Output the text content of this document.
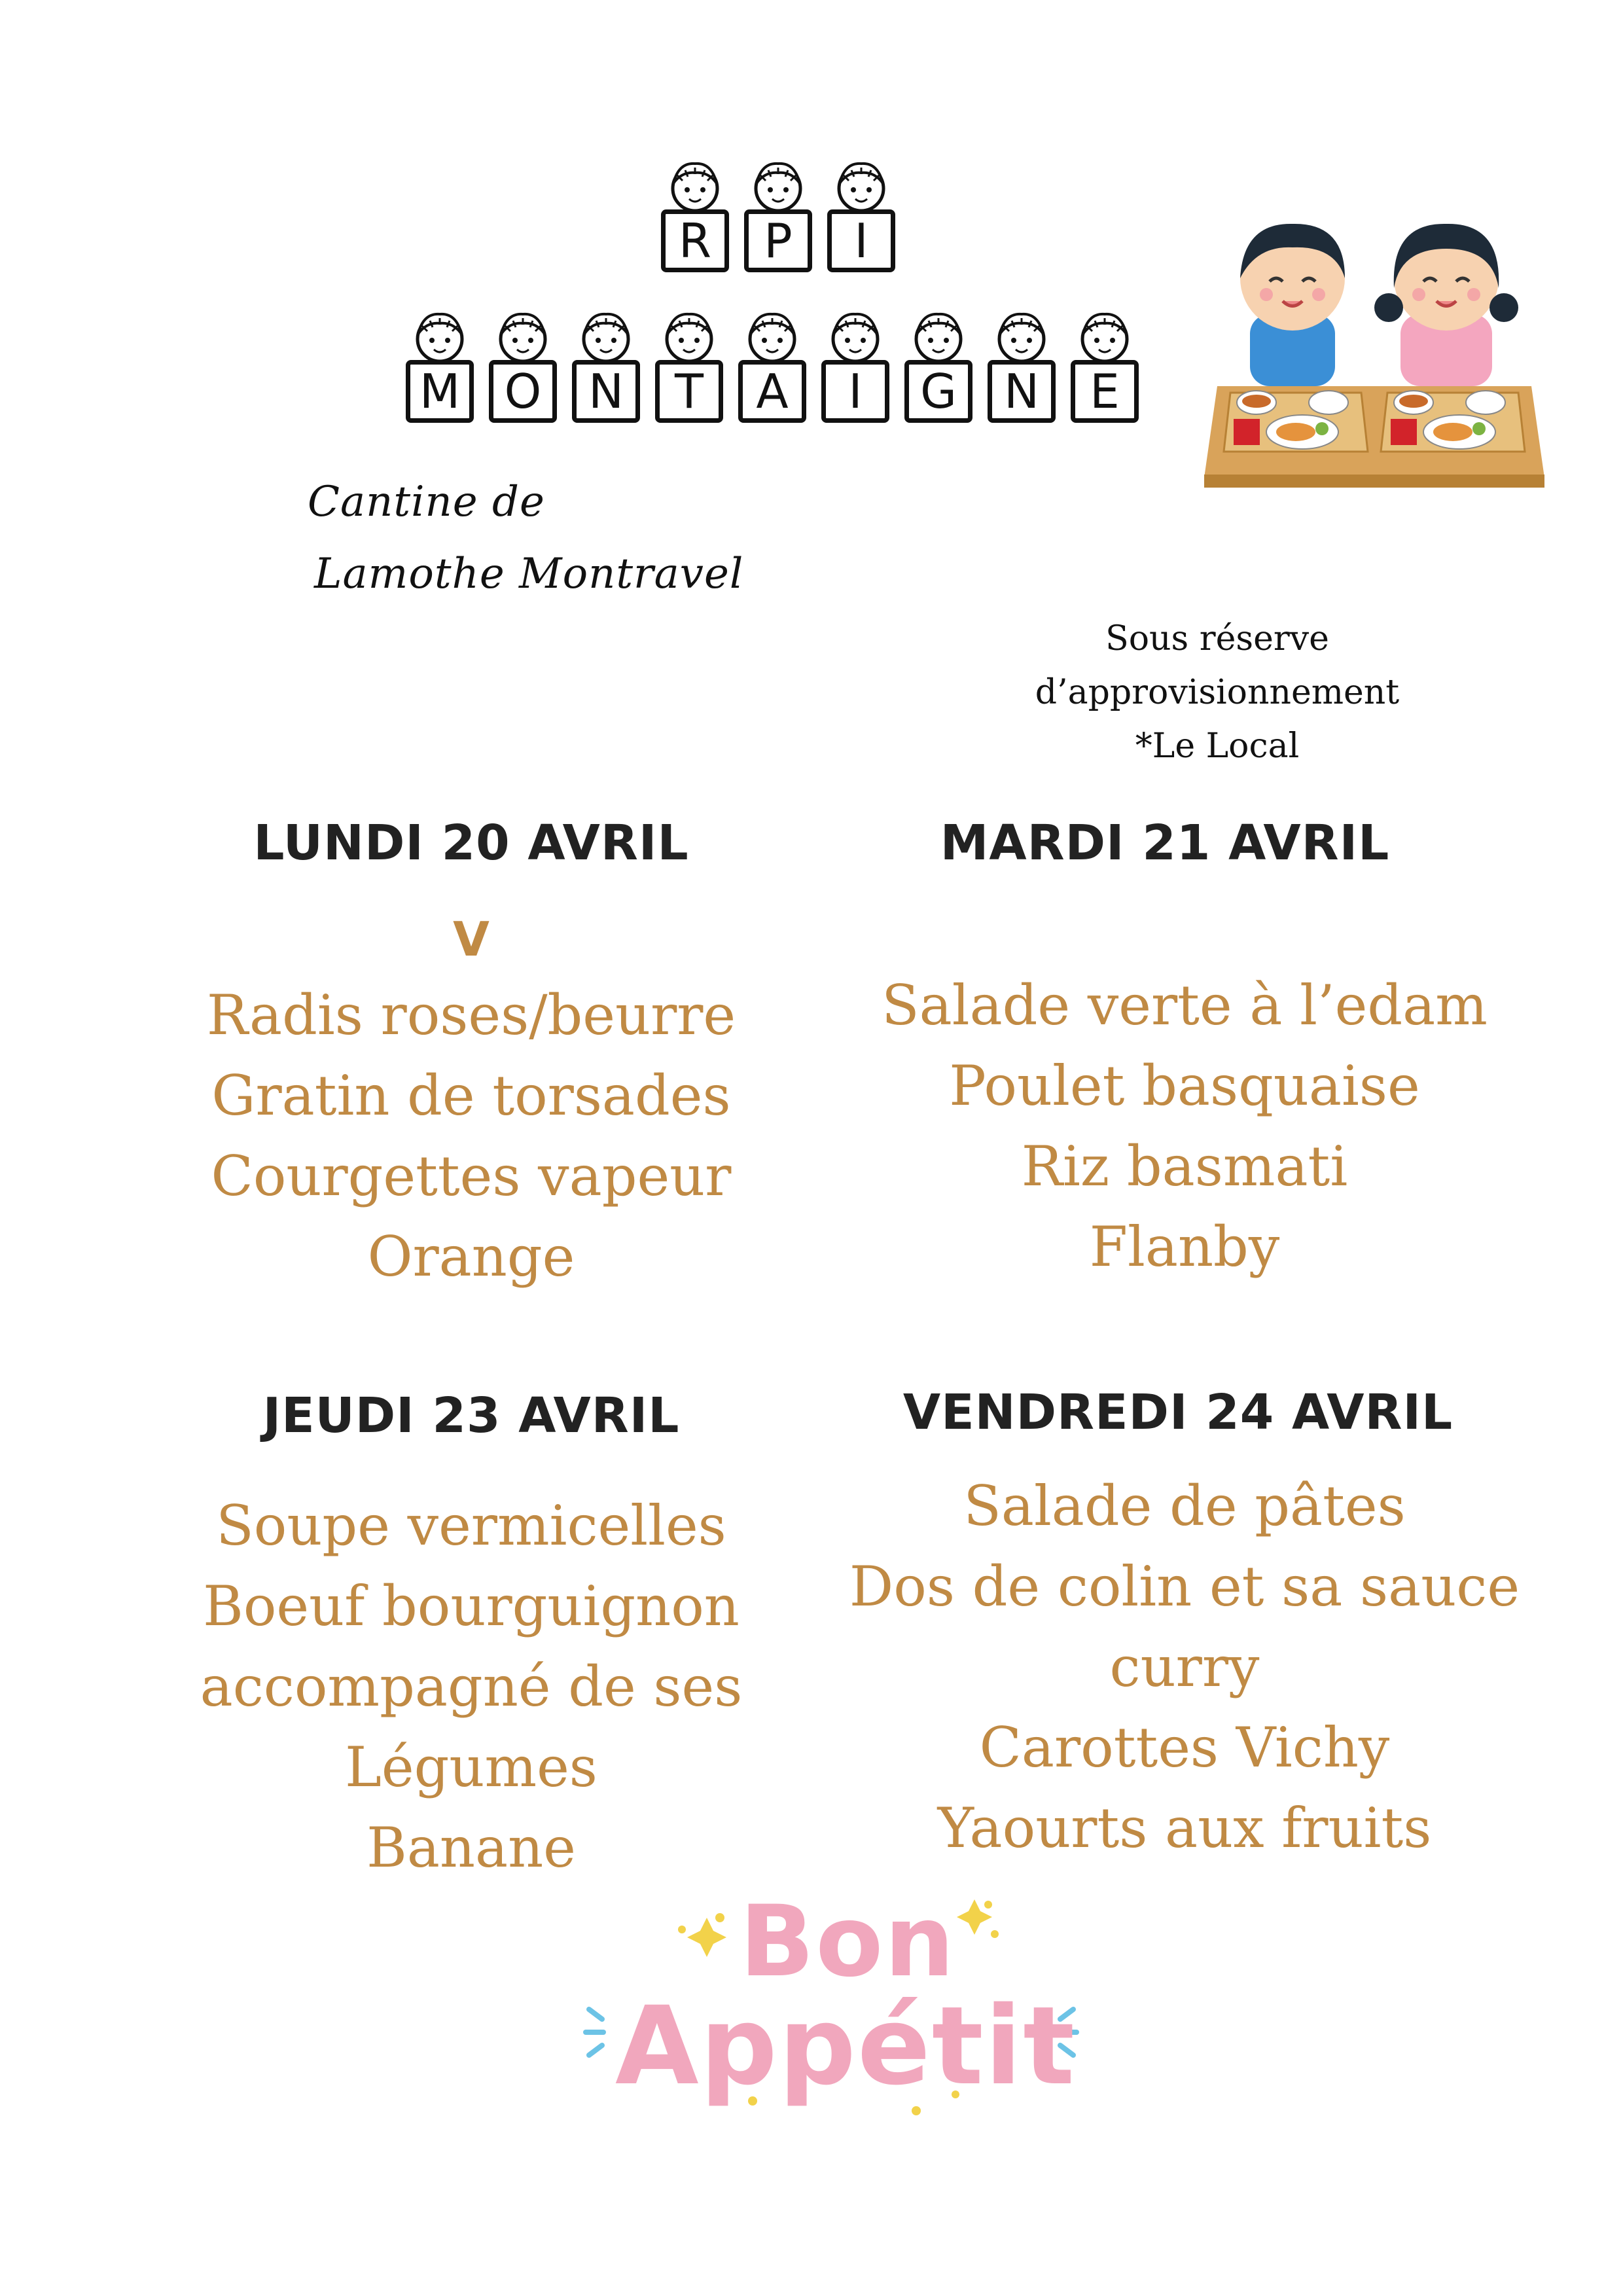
R	P	I
M O N	T	A	I	G	N	E
Cantine de
Lamothe Montravel
Sous réserve
d’approvisionnement
*Le Local
LUNDI 20 AVRIL
V
Radis roses/beurre
Gratin de torsades
Courgettes vapeur
Orange
MARDI 21 AVRIL
Salade verte à l’edam
Poulet basquaise
Riz basmati
Flanby
JEUDI 23 AVRIL
Soupe vermicelles
Boeuf bourguignon
accompagné de ses
Légumes
Banane
VENDREDI 24 AVRIL
Salade de pâtes
Dos de colin et sa sauce
curry
Carottes Vichy
Yaourts aux fruits
Bon
Appétit
